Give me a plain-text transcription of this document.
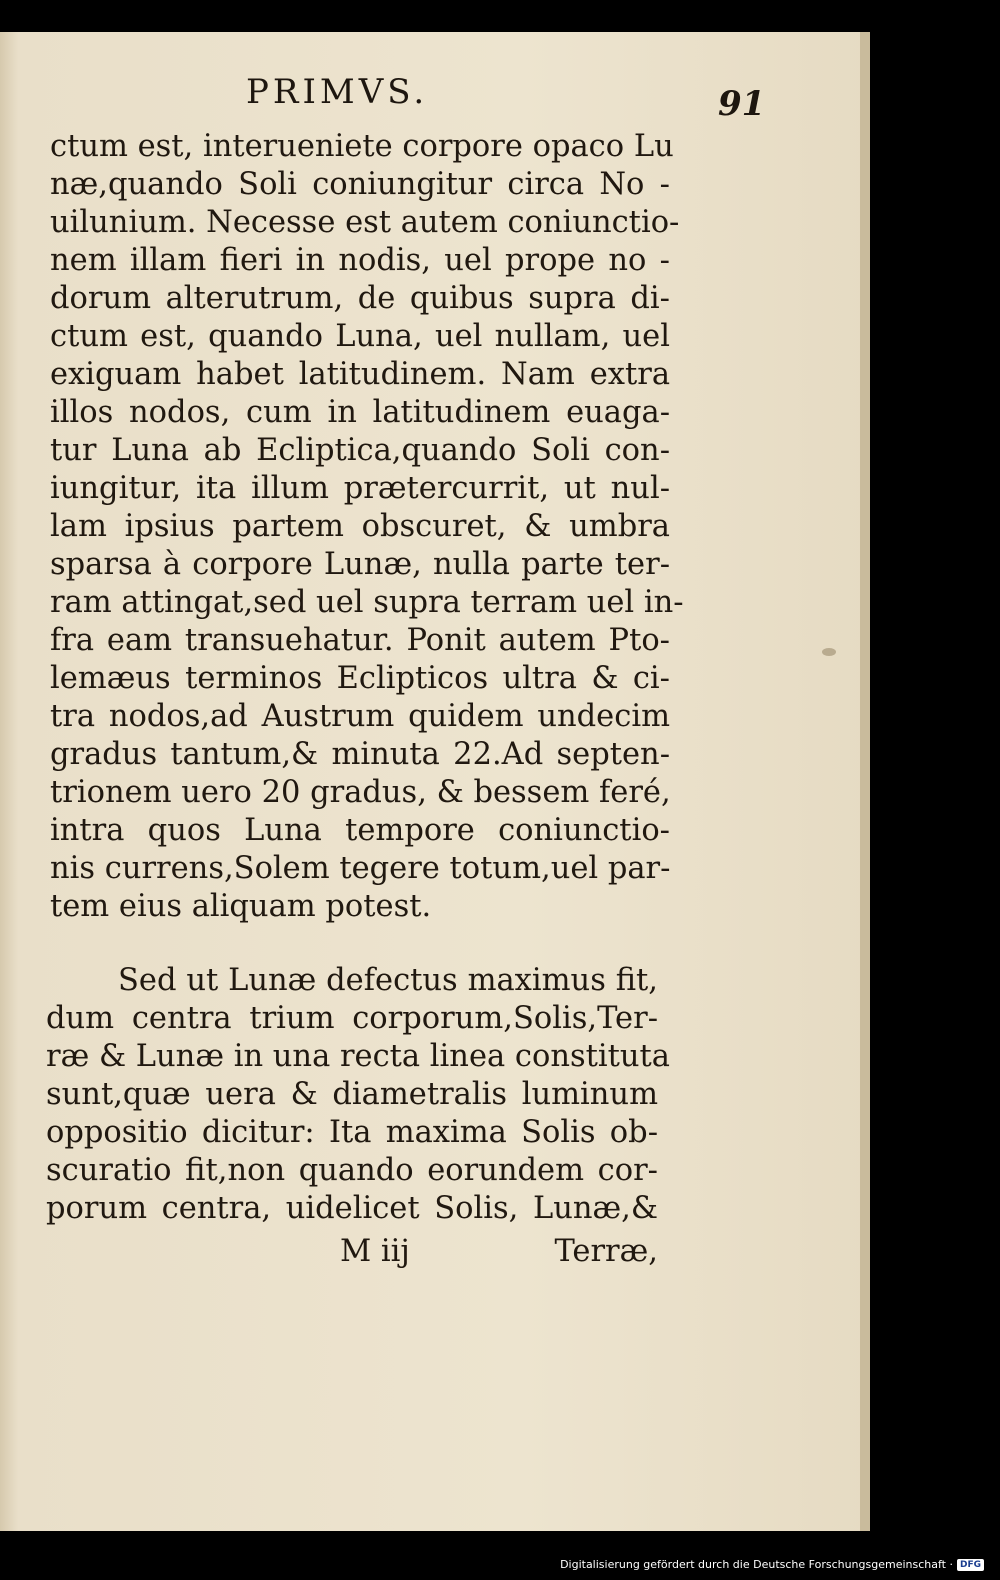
PRIMVS.	91
ctum est, interueniete corpore opaco Lu
næ,quando Soli coniungitur circa No -
uilunium. Necesse est autem coniunctio-
nem illam fieri in nodis, uel prope no -
dorum alterutrum, de quibus supra di-
ctum est, quando Luna, uel nullam, uel
exiguam habet latitudinem. Nam extra
illos nodos, cum in latitudinem euaga-
tur Luna ab Ecliptica,quando Soli con-
iungitur, ita illum prætercurrit, ut nul-
lam ipsius partem obscuret, & umbra
sparsa à corpore Lunæ, nulla parte ter-
ram attingat,sed uel supra terram uel in-
fra eam transuehatur. Ponit autem Pto-
lemæus terminos Eclipticos ultra & ci-
tra nodos,ad Austrum quidem undecim
gradus tantum,& minuta 22.Ad septen-
trionem uero 20 gradus, & bessem feré,
intra quos Luna tempore coniunctio-
nis currens,Solem tegere totum,uel par-
tem eius aliquam potest.
Sed ut Lunæ defectus maximus fit,
dum centra trium corporum,Solis,Ter-
ræ & Lunæ in una recta linea constituta
sunt,quæ uera & diametralis luminum
oppositio dicitur: Ita maxima Solis ob-
scuratio fit,non quando eorundem cor-
porum centra, uidelicet Solis, Lunæ,&
M iij	Terræ,
Digitalisierung gefördert durch die Deutsche Forschungsgemeinschaft · DFG
